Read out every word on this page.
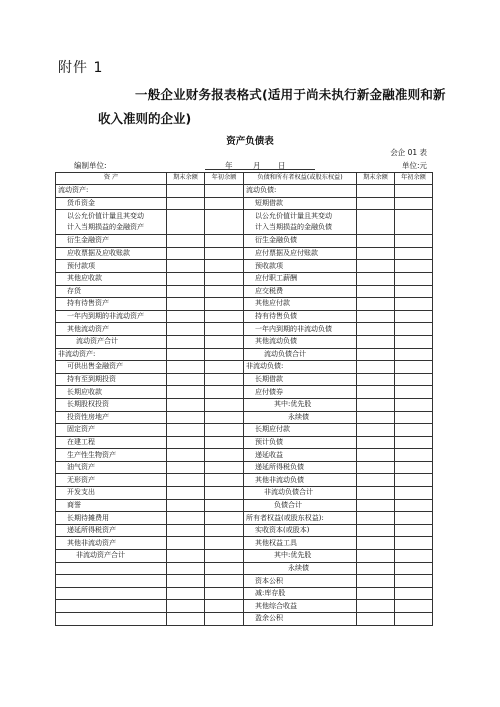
附件 1
一般企业财务报表格式(适用于尚未执行新金融准则和新
收入准则的企业)
资产负债表
会企 01 表
编制单位:	年	月 日	单位:元
资 产	期末余额	年初余额	负债和所有者权益(或股东权益)	期末余额	年初余额
流动资产:			流动负债:		
货币资金			短期借款		

以公允价值计量且其变动
计入当期损益的金融资产			以公允价值计量且其变动
计入当期损益的金融负债		

衍生金融资产			衍生金融负债		
应收票据及应收账款			应付票据及应付账款		
预付款项			预收款项		
其他应收款			应付职工薪酬		
存货			应交税费		
持有待售资产			其他应付款		
一年内到期的非流动资产			持有待售负债		
其他流动资产			一年内到期的非流动负债		
流动资产合计			其他流动负债		
非流动资产:			流动负债合计		
可供出售金融资产			非流动负债:		
持有至到期投资			长期借款		
长期应收款			应付债券		
长期股权投资			其中:优先股		
投资性房地产			永续债		
固定资产			长期应付款		
在建工程			预计负债		
生产性生物资产			递延收益		
油气资产			递延所得税负债		
无形资产			其他非流动负债		
开发支出			非流动负债合计		
商誉			负债合计		
长期待摊费用			所有者权益(或股东权益):		
递延所得税资产			实收资本(或股本)		
其他非流动资产			其他权益工具		
非流动资产合计			其中:优先股		
			永续债		
			资本公积		
			减:库存股		
			其他综合收益		
			盈余公积		
